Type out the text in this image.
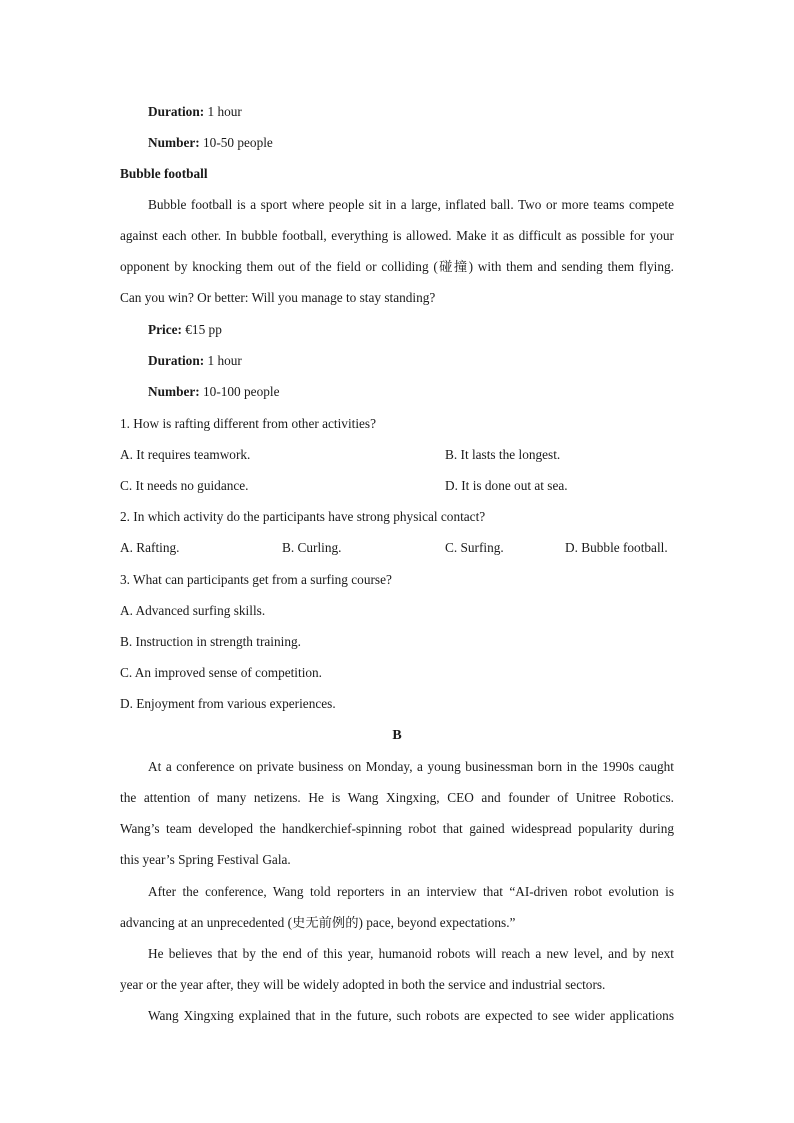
Duration: 1 hour
Number: 10-50 people
Bubble football
Bubble football is a sport where people sit in a large, inflated ball. Two or more teams compete
against each other. In bubble football, everything is allowed. Make it as difficult as possible for your
opponent by knocking them out of the field or colliding (碰撞) with them and sending them flying.
Can you win? Or better: Will you manage to stay standing?
Price: €15 pp
Duration: 1 hour
Number: 10-100 people
1. How is rafting different from other activities?
A. It requires teamwork.	B. It lasts the longest.
C. It needs no guidance.	D. It is done out at sea.
2. In which activity do the participants have strong physical contact?
A. Rafting.	B. Curling.	C. Surfing.	D. Bubble football.
3. What can participants get from a surfing course?
A. Advanced surfing skills.
B. Instruction in strength training.
C. An improved sense of competition.
D. Enjoyment from various experiences.
B
At a conference on private business on Monday, a young businessman born in the 1990s caught
the attention of many netizens. He is Wang Xingxing, CEO and founder of Unitree Robotics.
Wang’s team developed the handkerchief-spinning robot that gained widespread popularity during
this year’s Spring Festival Gala.
After the conference, Wang told reporters in an interview that “AI-driven robot evolution is
advancing at an unprecedented (史无前例的) pace, beyond expectations.”
He believes that by the end of this year, humanoid robots will reach a new level, and by next
year or the year after, they will be widely adopted in both the service and industrial sectors.
Wang Xingxing explained that in the future, such robots are expected to see wider applications
